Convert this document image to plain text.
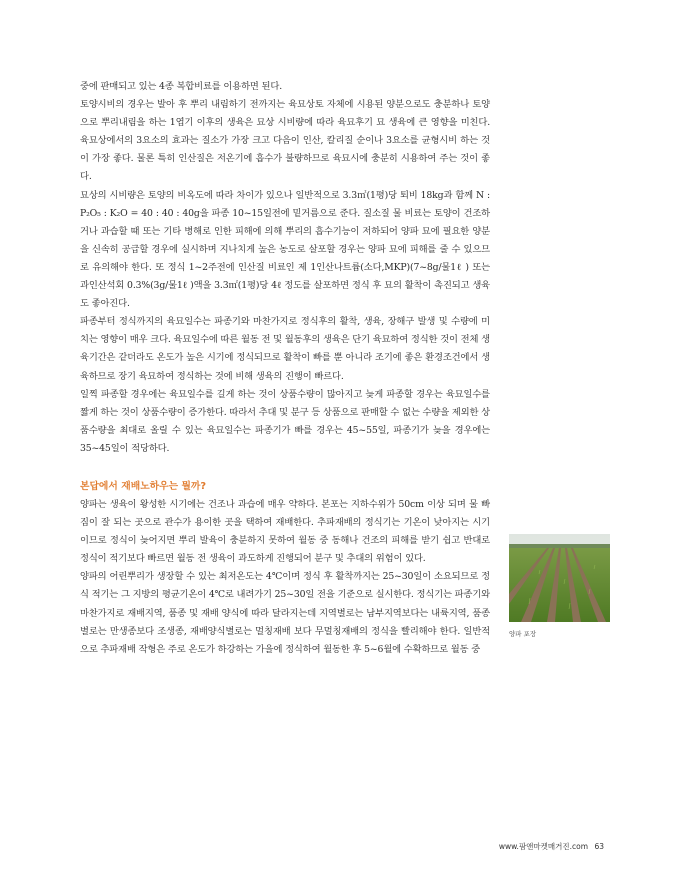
중에 판매되고 있는 4종 복합비료를 이용하면 된다.

토양시비의 경우는 발아 후 뿌리 내림하기 전까지는 육묘상토 자체에 시용된 양분으로도 충분하나 토양으로 뿌리내림을 하는 1엽기 이후의 생육은 묘상 시비량에 따라 육묘후기 묘 생육에 큰 영향을 미친다. 육묘상에서의 3요소의 효과는 질소가 가장 크고 다음이 인산, 칼리질 순이나 3요소를 균형시비 하는 것이 가장 좋다. 물론 특히 인산질은 저온기에 흡수가 불량하므로 육묘시에 충분히 시용하여 주는 것이 좋다.

묘상의 시비량은 토양의 비옥도에 따라 차이가 있으나 일반적으로 3.3㎡(1평)당 퇴비 18kg과 함께 N : P₂O₅ : K₂O = 40 : 40 : 40g을 파종 10~15일전에 밑거름으로 준다. 질소질 물 비료는 토양이 건조하거나 과습할 때 또는 기타 병해로 인한 피해에 의해 뿌리의 흡수기능이 저하되어 양파 묘에 필요한 양분을 신속히 공급할 경우에 실시하며 지나치게 높은 농도로 살포할 경우는 양파 묘에 피해를 줄 수 있으므로 유의해야 한다. 또 정식 1~2주전에 인산질 비료인 제 1인산나트륨(소다,MKP)(7~8g/물1ℓ ) 또는 과인산석회 0.3%(3g/물1ℓ )액을 3.3㎡(1평)당 4ℓ 정도를 살포하면 정식 후 묘의 활착이 촉진되고 생육도 좋아진다.

파종부터 정식까지의 육묘일수는 파종기와 마찬가지로 정식후의 활착, 생육, 장해구 발생 및 수량에 미치는 영향이 매우 크다. 육묘일수에 따른 월동 전 및 월동후의 생육은 단기 육묘하여 정식한 것이 전체 생육기간은 같더라도 온도가 높은 시기에 정식되므로 활착이 빠를 뿐 아니라 조기에 좋은 환경조건에서 생육하므로 장기 육묘하여 정식하는 것에 비해 생육의 진행이 빠르다.

일찍 파종할 경우에는 육묘일수를 길게 하는 것이 상품수량이 많아지고 늦게 파종할 경우는 육묘일수를 짧게 하는 것이 상품수량이 증가한다. 따라서 추대 및 분구 등 상품으로 판매할 수 없는 수량을 제외한 상품수량을 최대로 올릴 수 있는 육묘일수는 파종기가 빠를 경우는 45~55일, 파종기가 늦을 경우에는 35~45일이 적당하다.

본답에서 재배노하우는 뭘까?

양파는 생육이 왕성한 시기에는 건조나 과습에 매우 약하다. 본포는 지하수위가 50cm 이상 되며 물 빠짐이 잘 되는 곳으로 관수가 용이한 곳을 택하여 재배한다. 추파재배의 정식기는 기온이 낮아지는 시기이므로 정식이 늦어지면 뿌리 발육이 충분하지 못하여 월동 중 동해나 건조의 피해를 받기 쉽고 반대로 정식이 적기보다 빠르면 월동 전 생육이 과도하게 진행되어 분구 및 추대의 위험이 있다.

양파의 어린뿌리가 생장할 수 있는 최저온도는 4℃이며 정식 후 활착까지는 25~30일이 소요되므로 정식 적기는 그 지방의 평균기온이 4℃로 내려가기 25~30일 전을 기준으로 실시한다. 정식기는 파종기와 마찬가지로 재배지역, 품종 및 재배 양식에 따라 달라지는데 지역별로는 남부지역보다는 내륙지역, 품종별로는 만생종보다 조생종, 재배양식별로는 멀칭재배 보다 무멀칭재배의 정식을 빨리해야 한다. 일반적으로 추파재배 작형은 주로 온도가 하강하는 가을에 정식하여 월동한 후 5~6월에 수확하므로 월동 중

양파 포장
www.팜앤마켓매거진.com 63
